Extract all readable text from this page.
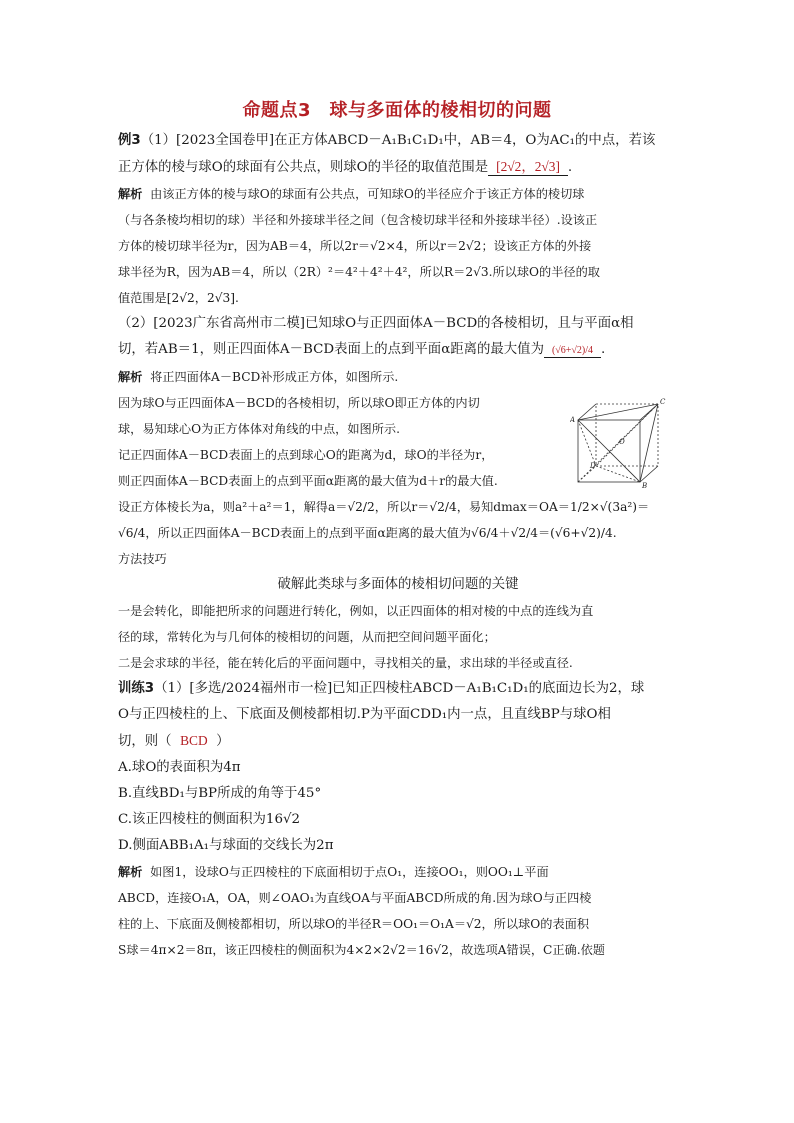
命题点3　球与多面体的棱相切的问题
例3（1）[2023全国卷甲]在正方体ABCD－A₁B₁C₁D₁中，AB＝4，O为AC₁的中点，若该
正方体的棱与球O的球面有公共点，则球O的半径的取值范围是 [2√2，2√3] .
解析 由该正方体的棱与球O的球面有公共点，可知球O的半径应介于该正方体的棱切球
（与各条棱均相切的球）半径和外接球半径之间（包含棱切球半径和外接球半径）.设该正
方体的棱切球半径为r，因为AB＝4，所以2r＝√2×4，所以r＝2√2；设该正方体的外接
球半径为R，因为AB＝4，所以（2R）²＝4²＋4²＋4²，所以R＝2√3.所以球O的半径的取
值范围是[2√2，2√3].
（2）[2023广东省高州市二模]已知球O与正四面体A－BCD的各棱相切，且与平面α相
切，若AB＝1，则正四面体A－BCD表面上的点到平面α距离的最大值为 (√6+√2)/4 .
解析 将正四面体A－BCD补形成正方体，如图所示.
因为球O与正四面体A－BCD的各棱相切，所以球O即正方体的内切
球，易知球心O为正方体体对角线的中点，如图所示.
记正四面体A－BCD表面上的点到球心O的距离为d，球O的半径为r，
则正四面体A－BCD表面上的点到平面α距离的最大值为d＋r的最大值.
设正方体棱长为a，则a²＋a²＝1，解得a＝√2/2，所以r＝√2/4，易知dmax＝OA＝1/2×√(3a²)＝
√6/4，所以正四面体A－BCD表面上的点到平面α距离的最大值为√6/4＋√2/4＝(√6+√2)/4.
方法技巧
破解此类球与多面体的棱相切问题的关键
一是会转化，即能把所求的问题进行转化，例如，以正四面体的相对棱的中点的连线为直
径的球，常转化为与几何体的棱相切的问题，从而把空间问题平面化；
二是会求球的半径，能在转化后的平面问题中，寻找相关的量，求出球的半径或直径.
训练3（1）[多选/2024福州市一检]已知正四棱柱ABCD－A₁B₁C₁D₁的底面边长为2，球
O与正四棱柱的上、下底面及侧棱都相切.P为平面CDD₁内一点，且直线BP与球O相
切，则（ BCD ）
A.球O的表面积为4π
B.直线BD₁与BP所成的角等于45°
C.该正四棱柱的侧面积为16√2
D.侧面ABB₁A₁与球面的交线长为2π
解析 如图1，设球O与正四棱柱的下底面相切于点O₁，连接OO₁，则OO₁⊥平面
ABCD，连接O₁A，OA，则∠OAO₁为直线OA与平面ABCD所成的角.因为球O与正四棱
柱的上、下底面及侧棱都相切，所以球O的半径R＝OO₁＝O₁A＝√2，所以球O的表面积
S球＝4π×2＝8π，该正四棱柱的侧面积为4×2×2√2＝16√2，故选项A错误，C正确.依题
C
A
O
D
B
